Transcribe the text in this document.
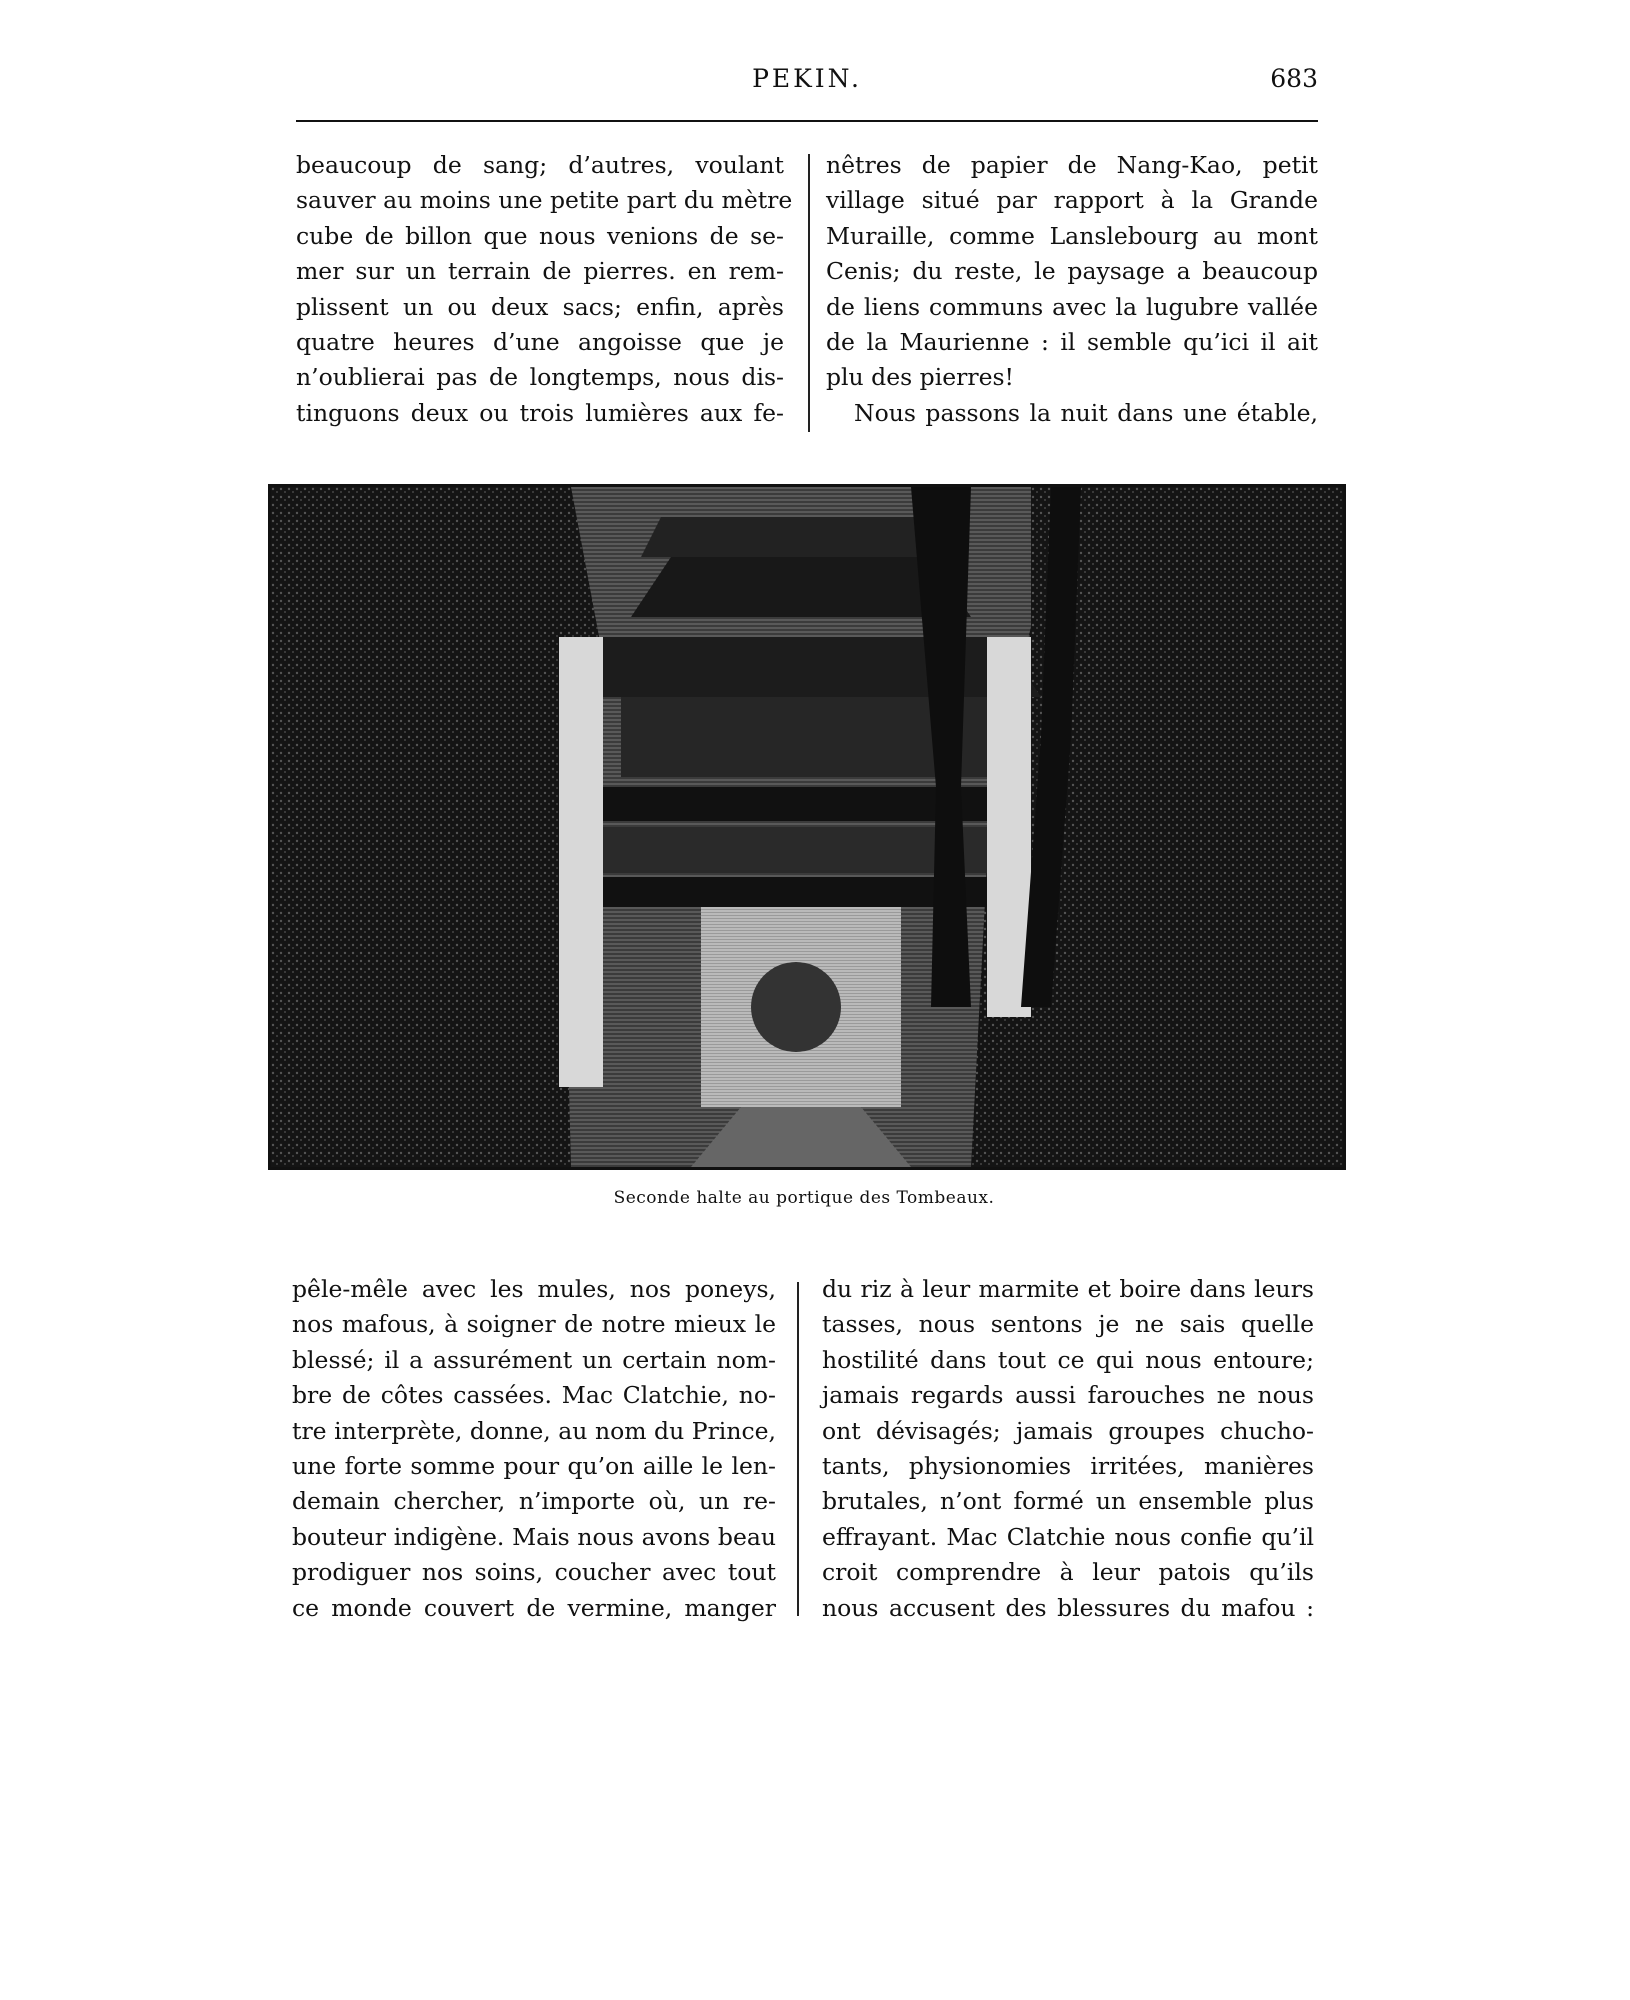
PEKIN.	683

beaucoup de sang; d’autres, voulant

sauver au moins une petite part du mètre

cube de billon que nous venions de se-

mer sur un terrain de pierres. en rem-

plissent un ou deux sacs; enfin, après

quatre heures d’une angoisse que je

n’oublierai pas de longtemps, nous dis-

tinguons deux ou trois lumières aux fe-

nêtres de papier de Nang-Kao, petit

village situé par rapport à la Grande

Muraille, comme Lanslebourg au mont

Cenis; du reste, le paysage a beaucoup

de liens communs avec la lugubre vallée

de la Maurienne : il semble qu’ici il ait

plu des pierres!

Nous passons la nuit dans une étable,

Seconde halte au portique des Tombeaux.

pêle-mêle avec les mules, nos poneys,

nos mafous, à soigner de notre mieux le

blessé; il a assurément un certain nom-

bre de côtes cassées. Mac Clatchie, no-

tre interprète, donne, au nom du Prince,

une forte somme pour qu’on aille le len-

demain chercher, n’importe où, un re-

bouteur indigène. Mais nous avons beau

prodiguer nos soins, coucher avec tout

ce monde couvert de vermine, manger

du riz à leur marmite et boire dans leurs

tasses, nous sentons je ne sais quelle

hostilité dans tout ce qui nous entoure;

jamais regards aussi farouches ne nous

ont dévisagés; jamais groupes chucho-

tants, physionomies irritées, manières

brutales, n’ont formé un ensemble plus

effrayant. Mac Clatchie nous confie qu’il

croit comprendre à leur patois qu’ils

nous accusent des blessures du mafou :
